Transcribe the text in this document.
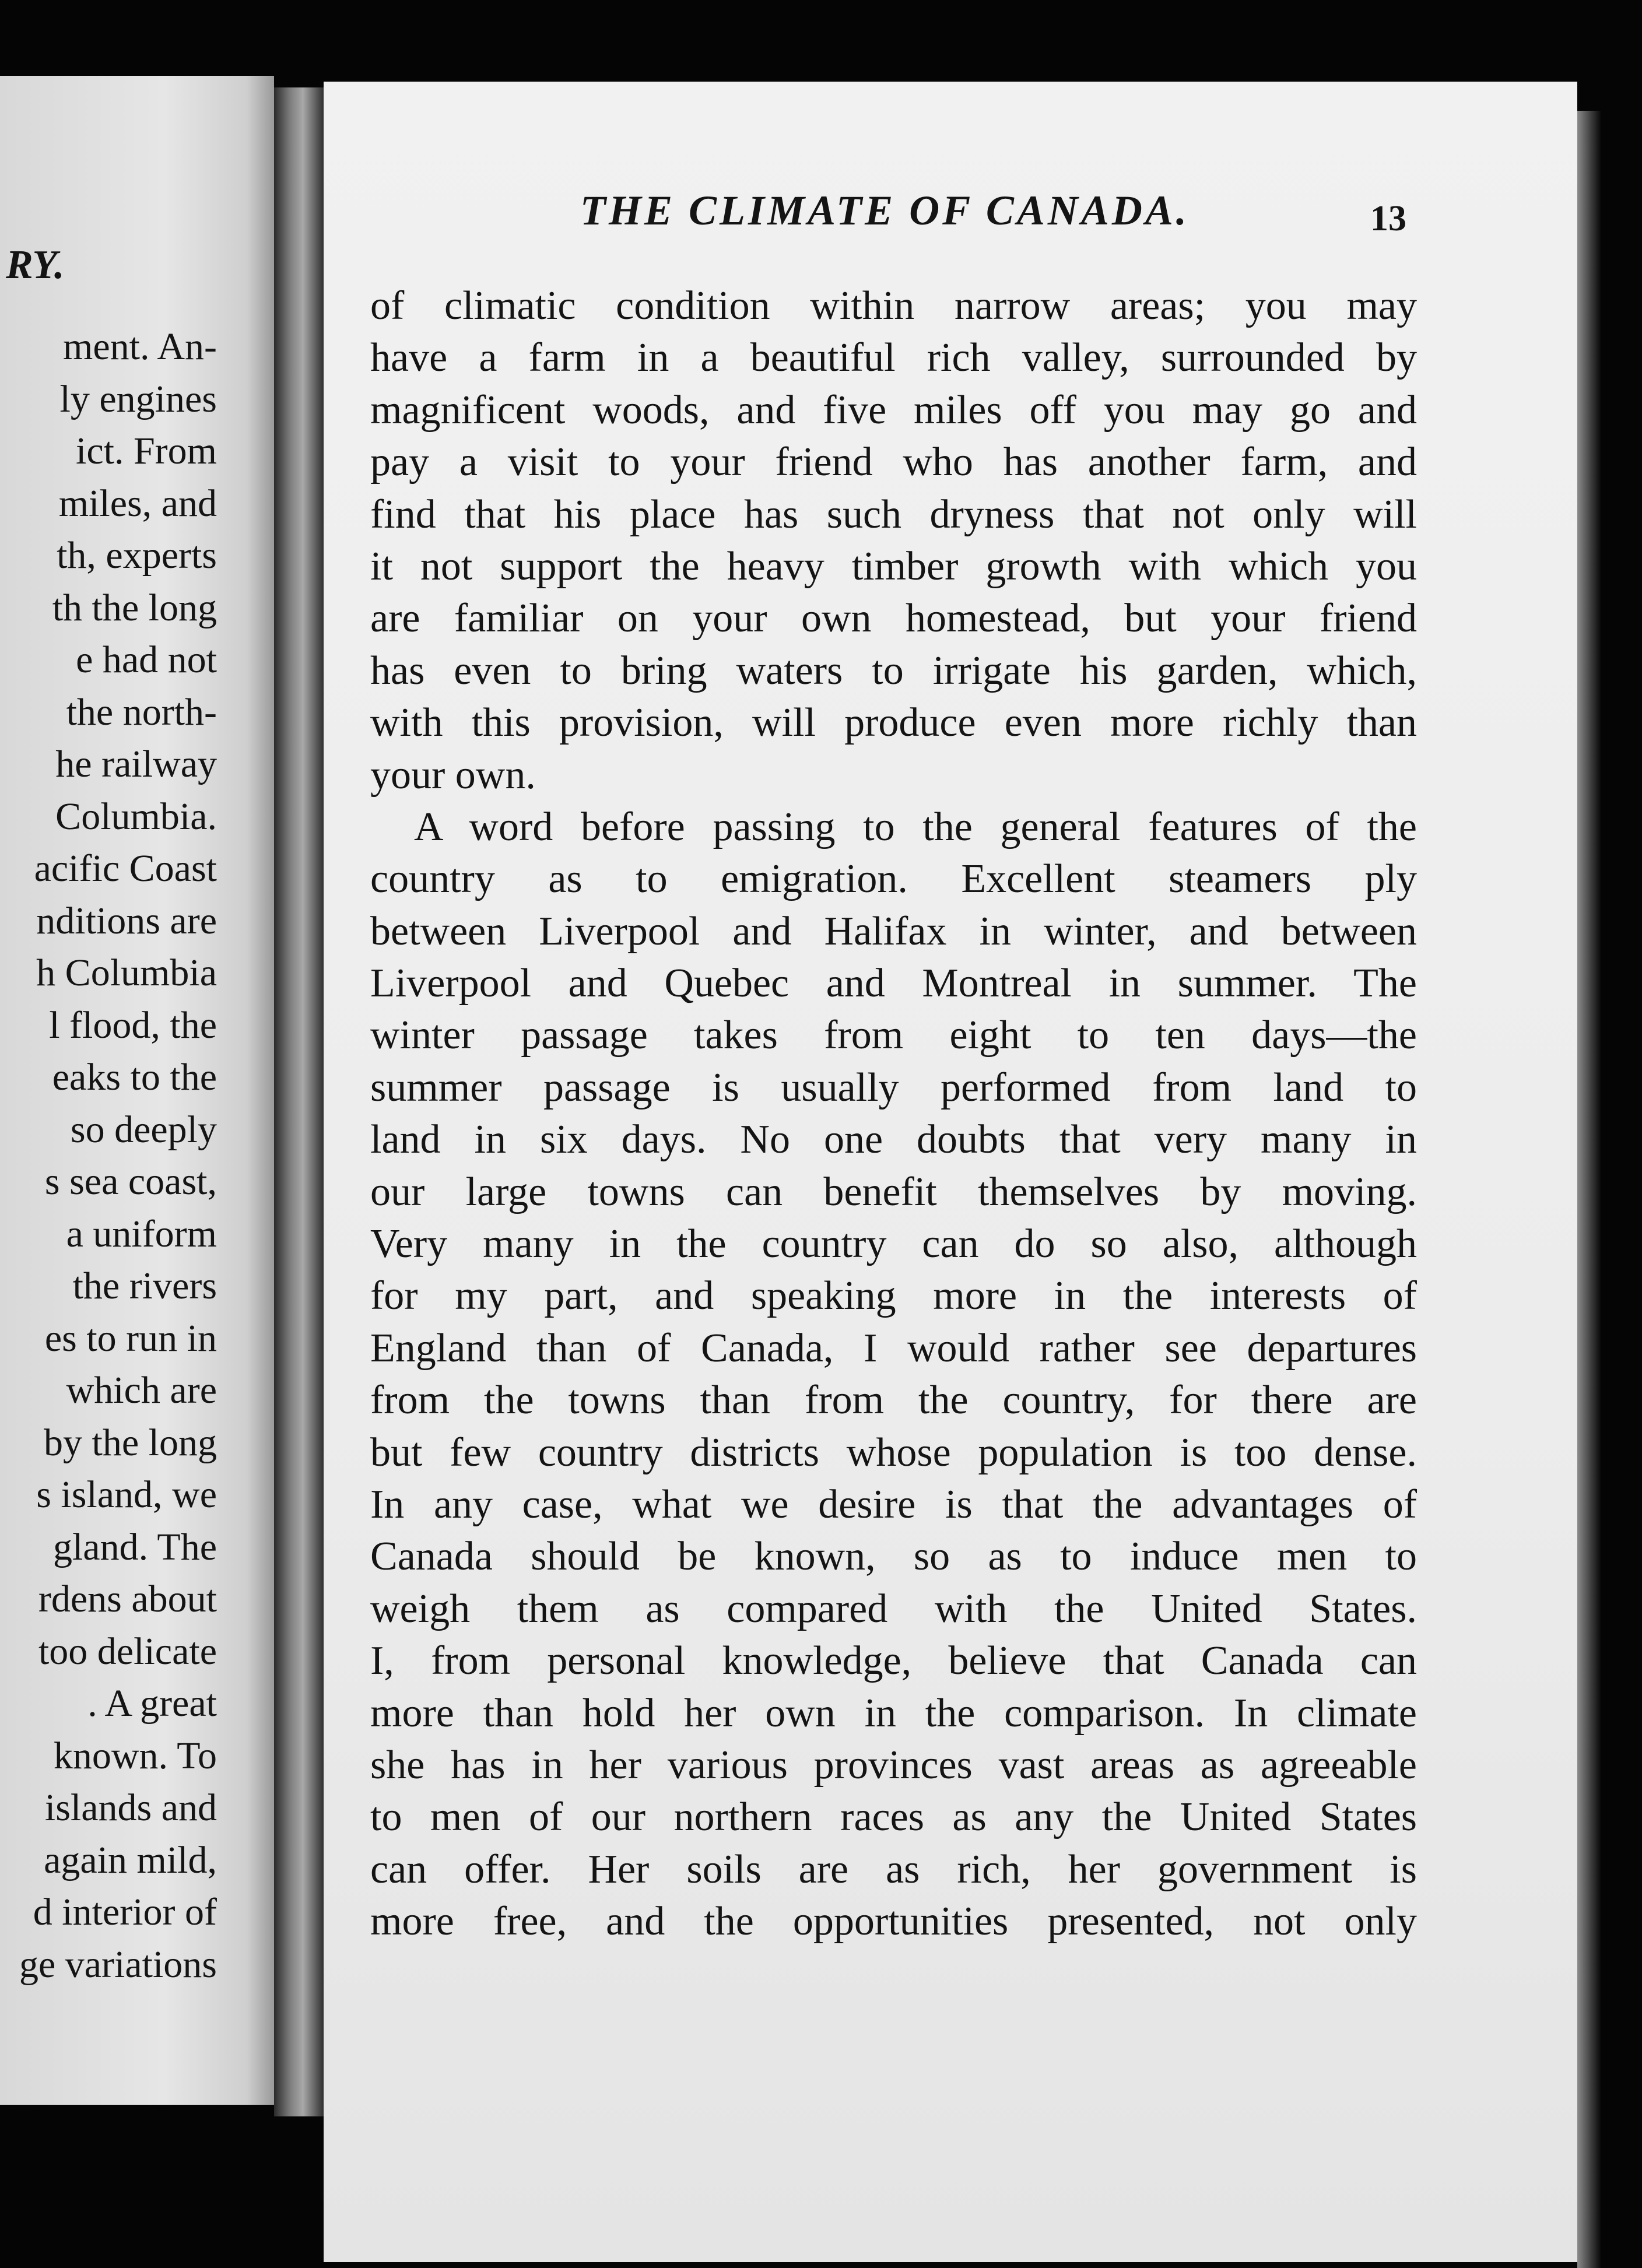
RY.
ment. An-
ly engines
ict. From
miles, and
th, experts
th the long
e had not
the north-
he railway
Columbia.
acific Coast
nditions are
h Columbia
l flood, the
eaks to the
so deeply
s sea coast,
a uniform
the rivers
es to run in
which are
by the long
s island, we
gland. The
rdens about
too delicate
. A great
known. To
islands and
again mild,
d interior of
ge variations
THE CLIMATE OF CANADA.	13
of climatic condition within narrow areas; you may
have a farm in a beautiful rich valley, surrounded by
magnificent woods, and five miles off you may go and
pay a visit to your friend who has another farm, and
find that his place has such dryness that not only will
it not support the heavy timber growth with which you
are familiar on your own homestead, but your friend
has even to bring waters to irrigate his garden, which,
with this provision, will produce even more richly than
your own.
A word before passing to the general features of the
country as to emigration. Excellent steamers ply
between Liverpool and Halifax in winter, and between
Liverpool and Quebec and Montreal in summer. The
winter passage takes from eight to ten days—the
summer passage is usually performed from land to
land in six days. No one doubts that very many in
our large towns can benefit themselves by moving.
Very many in the country can do so also, although
for my part, and speaking more in the interests of
England than of Canada, I would rather see departures
from the towns than from the country, for there are
but few country districts whose population is too dense.
In any case, what we desire is that the advantages of
Canada should be known, so as to induce men to
weigh them as compared with the United States.
I, from personal knowledge, believe that Canada can
more than hold her own in the comparison. In climate
she has in her various provinces vast areas as agreeable
to men of our northern races as any the United States
can offer. Her soils are as rich, her government is
more free, and the opportunities presented, not only
